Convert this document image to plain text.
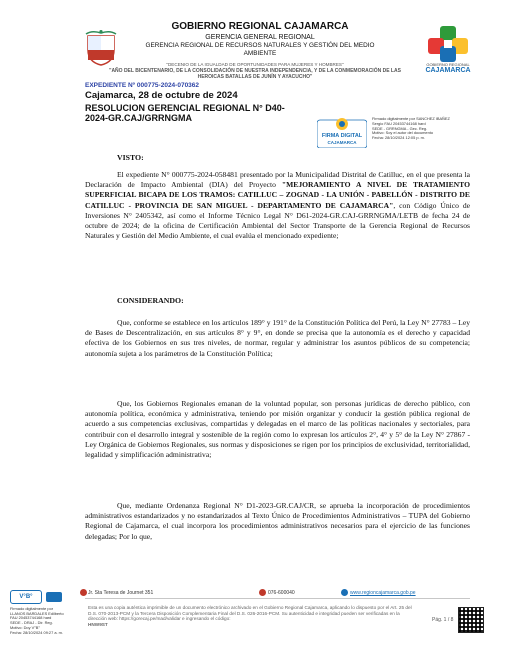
GOBIERNO REGIONAL CAJAMARCA
GERENCIA GENERAL REGIONAL
GERENCIA REGIONAL DE RECURSOS NATURALES Y GESTIÓN DEL MEDIO AMBIENTE
GOBIERNO REGIONAL
CAJAMARCA
"DECENIO DE LA IGUALDAD DE OPORTUNIDADES PARA MUJERES Y HOMBRES"
"AÑO DEL BICENTENARIO, DE LA CONSOLIDACIÓN DE NUESTRA INDEPENDENCIA, Y DE LA CONMEMORACIÓN DE LAS HEROICAS BATALLAS DE JUNÍN Y AYACUCHO"
EXPEDIENTE Nº 000775-2024-070362
Cajamarca, 28 de octubre de 2024
RESOLUCION GERENCIAL REGIONAL N° D40-2024-GR.CAJ/GRRNGMA
FIRMA DIGITAL
CAJAMARCA
Firmado digitalmente por SANCHEZ IBAÑEZ
Sergio FAU 20453744168 hard
SEDE - GRRNGMA - Gec. Reg.
Motivo: Soy el autor del documento
Fecha: 28/10/2024 12:05 p. m.

VISTO:

El expediente N° 000775-2024-058481 presentado por la Municipalidad Distrital de Catilluc, en el que presenta la Declaración de Impacto Ambiental (DIA) del Proyecto "MEJORAMIENTO A NIVEL DE TRATAMIENTO SUPERFICIAL BICAPA DE LOS TRAMOS: CATILLUC – ZOGNAD - LA UNIÓN - PABELLÓN - DISTRITO DE CATILLUC - PROVINCIA DE SAN MIGUEL - DEPARTAMENTO DE CAJAMARCA", con Código Único de Inversiones N° 2405342, así como el Informe Técnico Legal N° D61-2024-GR.CAJ-GRRNGMA/LETB de fecha 24 de octubre de 2024; de la oficina de Certificación Ambiental del Sector Transporte de la Gerencia Regional de Recursos Naturales y Gestión del Medio Ambiente, el cual evalúa el mencionado expediente;

CONSIDERANDO:

Que, conforme se establece en los artículos 189° y 191° de la Constitución Política del Perú, la Ley N° 27783 – Ley de Bases de Descentralización, en sus artículos 8° y 9°, en donde se precisa que la autonomía es el derecho y capacidad efectiva de los Gobiernos en sus tres niveles, de normar, regular y administrar los asuntos públicos de su competencia; autonomía sujeta a los parámetros de la Constitución Política;

Que, los Gobiernos Regionales emanan de la voluntad popular, son personas jurídicas de derecho público, con autonomía política, económica y administrativa, teniendo por misión organizar y conducir la gestión pública regional de acuerdo a sus competencias exclusivas, compartidas y delegadas en el marco de las políticas nacionales y sectoriales, para contribuir con el desarrollo integral y sostenible de la región como lo expresan los artículos 2°, 4° y 5° de la Ley N° 27867 - Ley Orgánica de Gobiernos Regionales, sus normas y disposiciones se rigen por los principios de exclusividad, territorialidad, legalidad y simplificación administrativa;

Que, mediante Ordenanza Regional N° D1-2023-GR.CAJ/CR, se aprueba la incorporación de procedimientos administrativos estandarizados y no estandarizados al Texto Único de Procedimientos Administrativos – TUPA del Gobierno Regional de Cajamarca, el cual incorpora los procedimientos administrativos necesarios para el ejercicio de las funciones delegadas; Por lo que,

V°B°
Firmado digitalmente por
LLANOS BARDALES Edilberto
FAU 20453744168 hard
SEDE - DRAJ - Dir. Reg.
Motivo: Doy V°B°
Fecha: 28/10/2024 09:27 a. m.
Jr. Sta Teresa de Journet 351	076-600040	www.regioncajamarca.gob.pe
Esta es una copia auténtica imprimible de un documento electrónico archivado en el Gobierno Regional Cajamarca, aplicando lo dispuesto por el Art. 25 del D.S. 070-2013-PCM y la Tercera Disposición Complementaria Final del D.S. 026-2016-PCM. Su autenticidad e integridad pueden ser verificadas en la dirección web: https://gorecaj.pe/mad/validar e ingresando el código:
HNW9ST
Pág. 1 / 8
